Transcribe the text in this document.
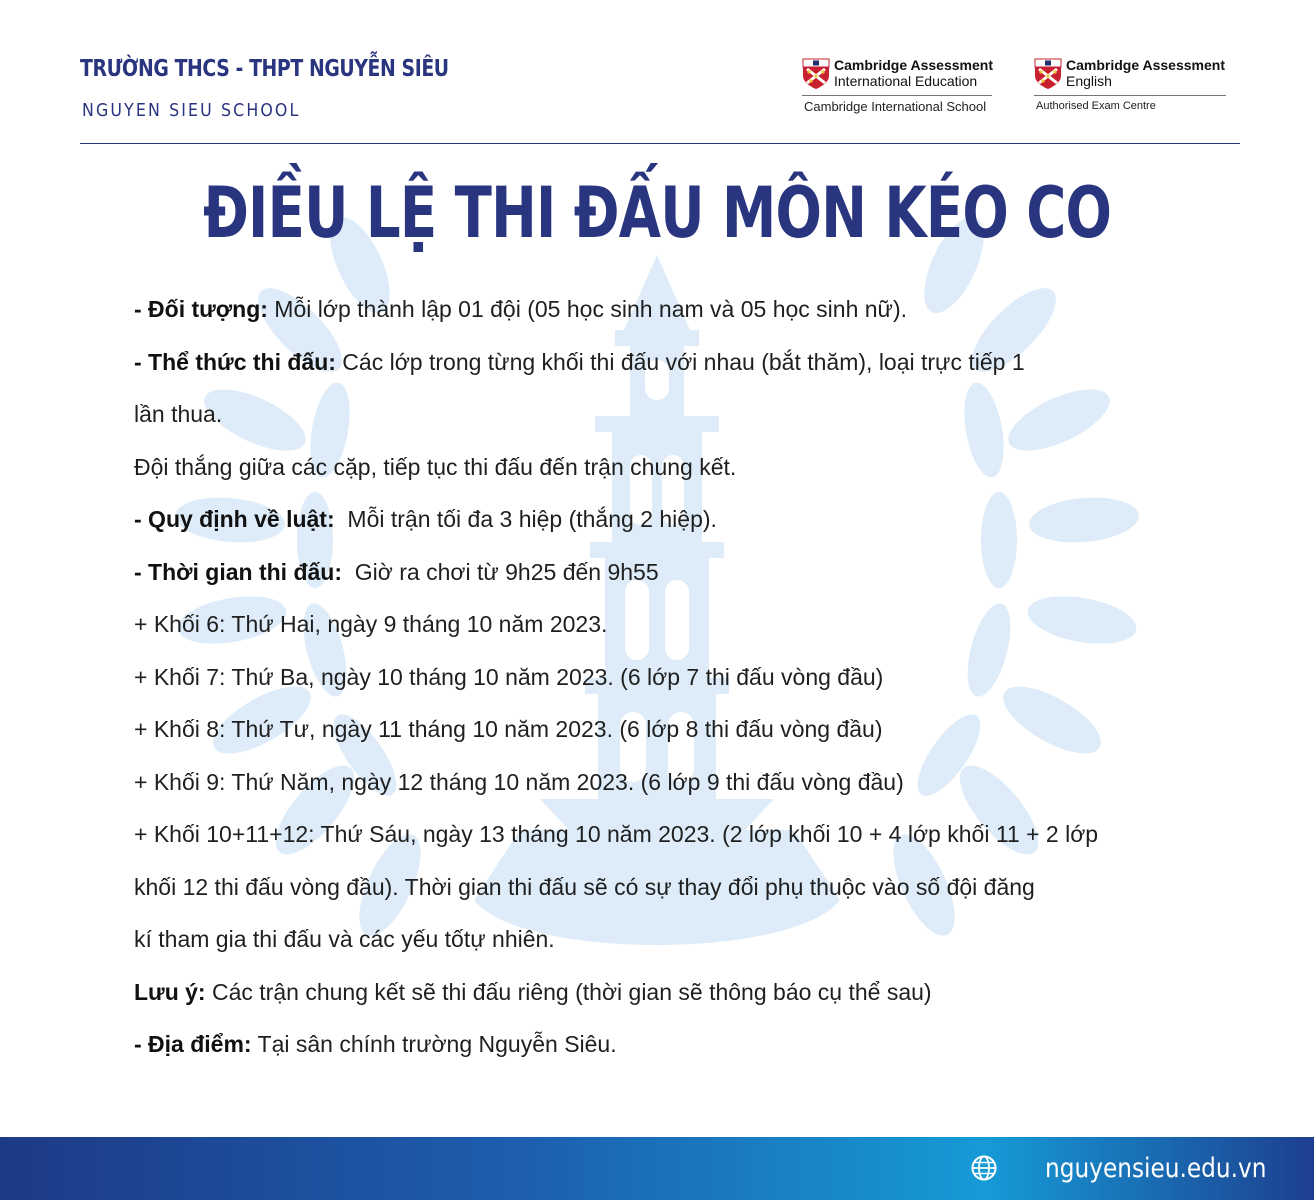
TRƯỜNG THCS - THPT NGUYỄN SIÊU
NGUYEN SIEU SCHOOL
Cambridge Assessment
International Education
Cambridge International School
Cambridge Assessment
English
Authorised Exam Centre
ĐIỀU LỆ THI ĐẤU MÔN KÉO CO
- Đối tượng: Mỗi lớp thành lập 01 đội (05 học sinh nam và 05 học sinh nữ).
- Thể thức thi đấu: Các lớp trong từng khối thi đấu với nhau (bắt thăm), loại trực tiếp 1
lần thua.
Đội thắng giữa các cặp, tiếp tục thi đấu đến trận chung kết.
- Quy định về luật:  Mỗi trận tối đa 3 hiệp (thắng 2 hiệp).
- Thời gian thi đấu:  Giờ ra chơi từ 9h25 đến 9h55
+ Khối 6: Thứ Hai, ngày 9 tháng 10 năm 2023.
+ Khối 7: Thứ Ba, ngày 10 tháng 10 năm 2023. (6 lớp 7 thi đấu vòng đầu)
+ Khối 8: Thứ Tư, ngày 11 tháng 10 năm 2023. (6 lớp 8 thi đấu vòng đầu)
+ Khối 9: Thứ Năm, ngày 12 tháng 10 năm 2023. (6 lớp 9 thi đấu vòng đầu)
+ Khối 10+11+12: Thứ Sáu, ngày 13 tháng 10 năm 2023. (2 lớp khối 10 + 4 lớp khối 11 + 2 lớp
khối 12 thi đấu vòng đầu). Thời gian thi đấu sẽ có sự thay đổi phụ thuộc vào số đội đăng
kí tham gia thi đấu và các yếu tốtự nhiên.
Lưu ý: Các trận chung kết sẽ thi đấu riêng (thời gian sẽ thông báo cụ thể sau)
- Địa điểm: Tại sân chính trường Nguyễn Siêu.
nguyensieu.edu.vn
